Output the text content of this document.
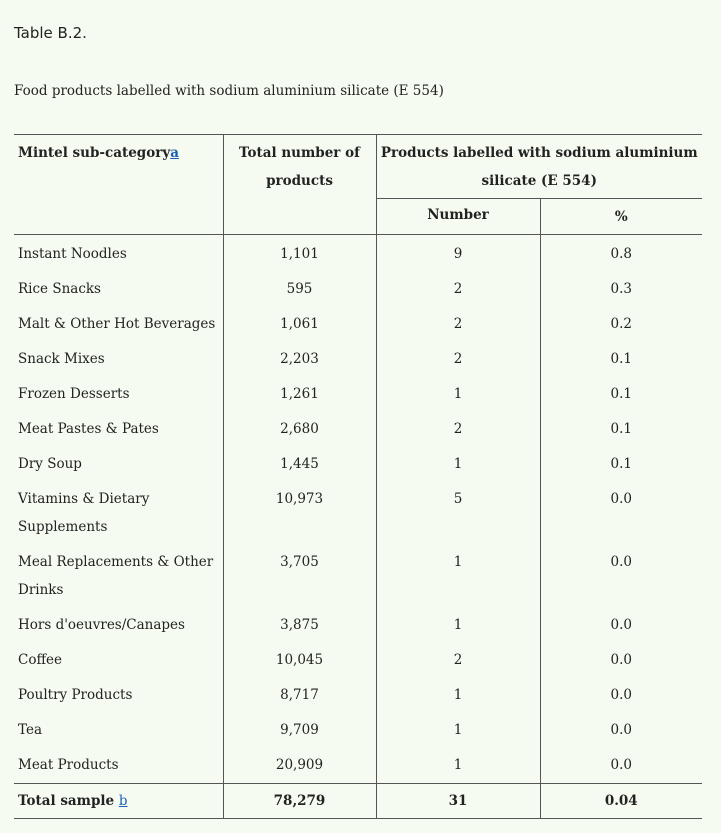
Table B.2.
Food products labelled with sodium aluminium silicate (E 554)
Mintel sub-categorya	Total number of products	Products labelled with sodium aluminium silicate (E 554)	
		Number	%
Instant Noodles	1,101	9	0.8
Rice Snacks	595	2	0.3
Malt & Other Hot Beverages	1,061	2	0.2
Snack Mixes	2,203	2	0.1
Frozen Desserts	1,261	1	0.1
Meat Pastes & Pates	2,680	2	0.1
Dry Soup	1,445	1	0.1
Vitamins & Dietary Supplements	10,973	5	0.0
Meal Replacements & Other Drinks	3,705	1	0.0
Hors d'oeuvres/Canapes	3,875	1	0.0
Coffee	10,045	2	0.0
Poultry Products	8,717	1	0.0
Tea	9,709	1	0.0
Meat Products	20,909	1	0.0
Total sample b	78,279	31	0.04
